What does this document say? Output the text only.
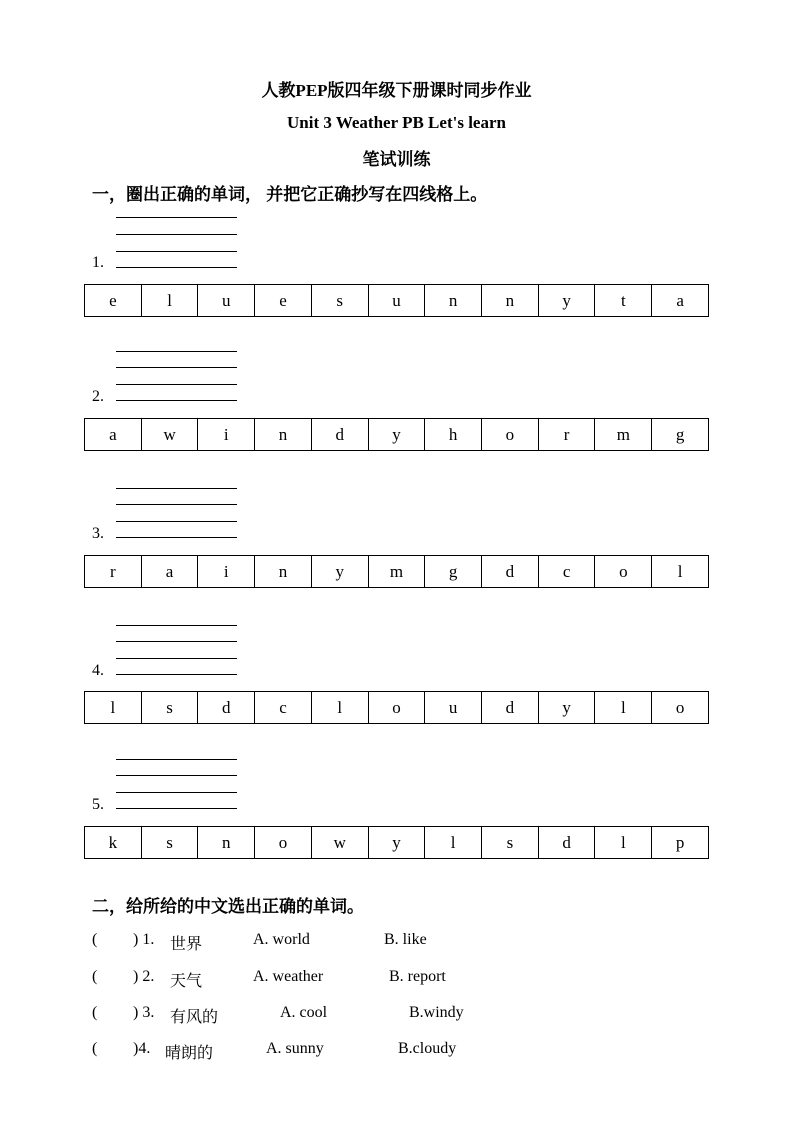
人教PEP版四年级下册课时同步作业
Unit 3 Weather PB Let's learn
笔试训练
一，圈出正确的单词， 并把它正确抄写在四线格上。
1.
e	l	u	e	s	u	n	n	y	t	a
2.
a	w	i	n	d	y	h	o	r	m	g
3.
r	a	i	n	y	m	g	d	c	o	l
4.
l	s	d	c	l	o	u	d	y	l	o
5.
k	s	n	o	w	y	l	s	d	l	p
二，给所给的中文选出正确的单词。
( ) 1. 世界	A. world	B. like
( ) 2. 天气	A. weather	B. report
( ) 3. 有风的	A. cool	B.windy
( )4. 晴朗的	A. sunny	B.cloudy
